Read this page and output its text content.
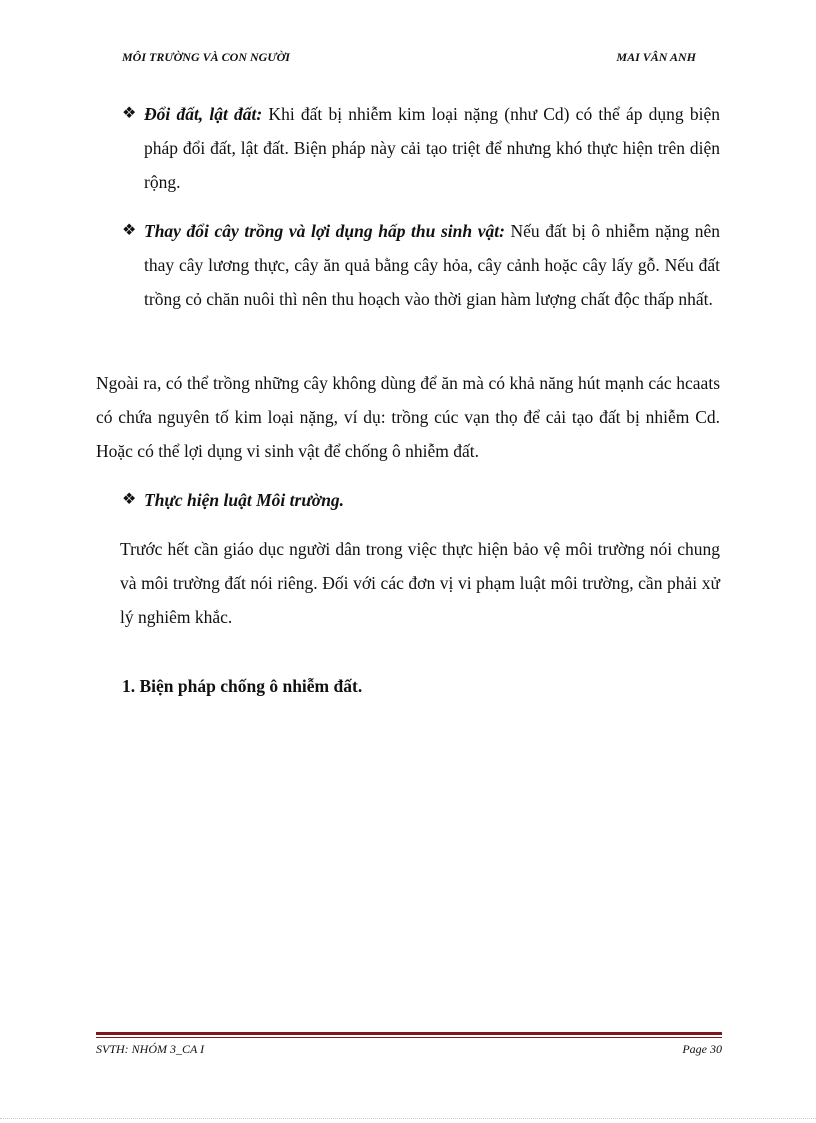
MÔI TRƯỜNG VÀ CON NGƯỜI	MAI VÂN ANH
❖ Đổi đất, lật đất: Khi đất bị nhiễm kim loại nặng (như Cd) có thể áp dụng biện pháp đổi đất, lật đất. Biện pháp này cải tạo triệt để nhưng khó thực hiện trên diện rộng.
❖ Thay đổi cây trồng và lợi dụng hấp thu sinh vật: Nếu đất bị ô nhiễm nặng nên thay cây lương thực, cây ăn quả bằng cây hỏa, cây cảnh hoặc cây lấy gỗ. Nếu đất trồng cỏ chăn nuôi thì nên thu hoạch vào thời gian hàm lượng chất độc thấp nhất.
Ngoài ra, có thể trồng những cây không dùng để ăn mà có khả năng hút mạnh các hcaats có chứa nguyên tố kim loại nặng, ví dụ: trồng cúc vạn thọ để cải tạo đất bị nhiễm Cd. Hoặc có thể lợi dụng vi sinh vật để chống ô nhiễm đất.
❖ Thực hiện luật Môi trường.
Trước hết cần giáo dục người dân trong việc thực hiện bảo vệ môi trường nói chung và môi trường đất nói riêng. Đối với các đơn vị vi phạm luật môi trường, cần phải xử lý nghiêm khắc.
1. Biện pháp chống ô nhiễm đất.
SVTH: NHÓM 3_CA I	Page 30
